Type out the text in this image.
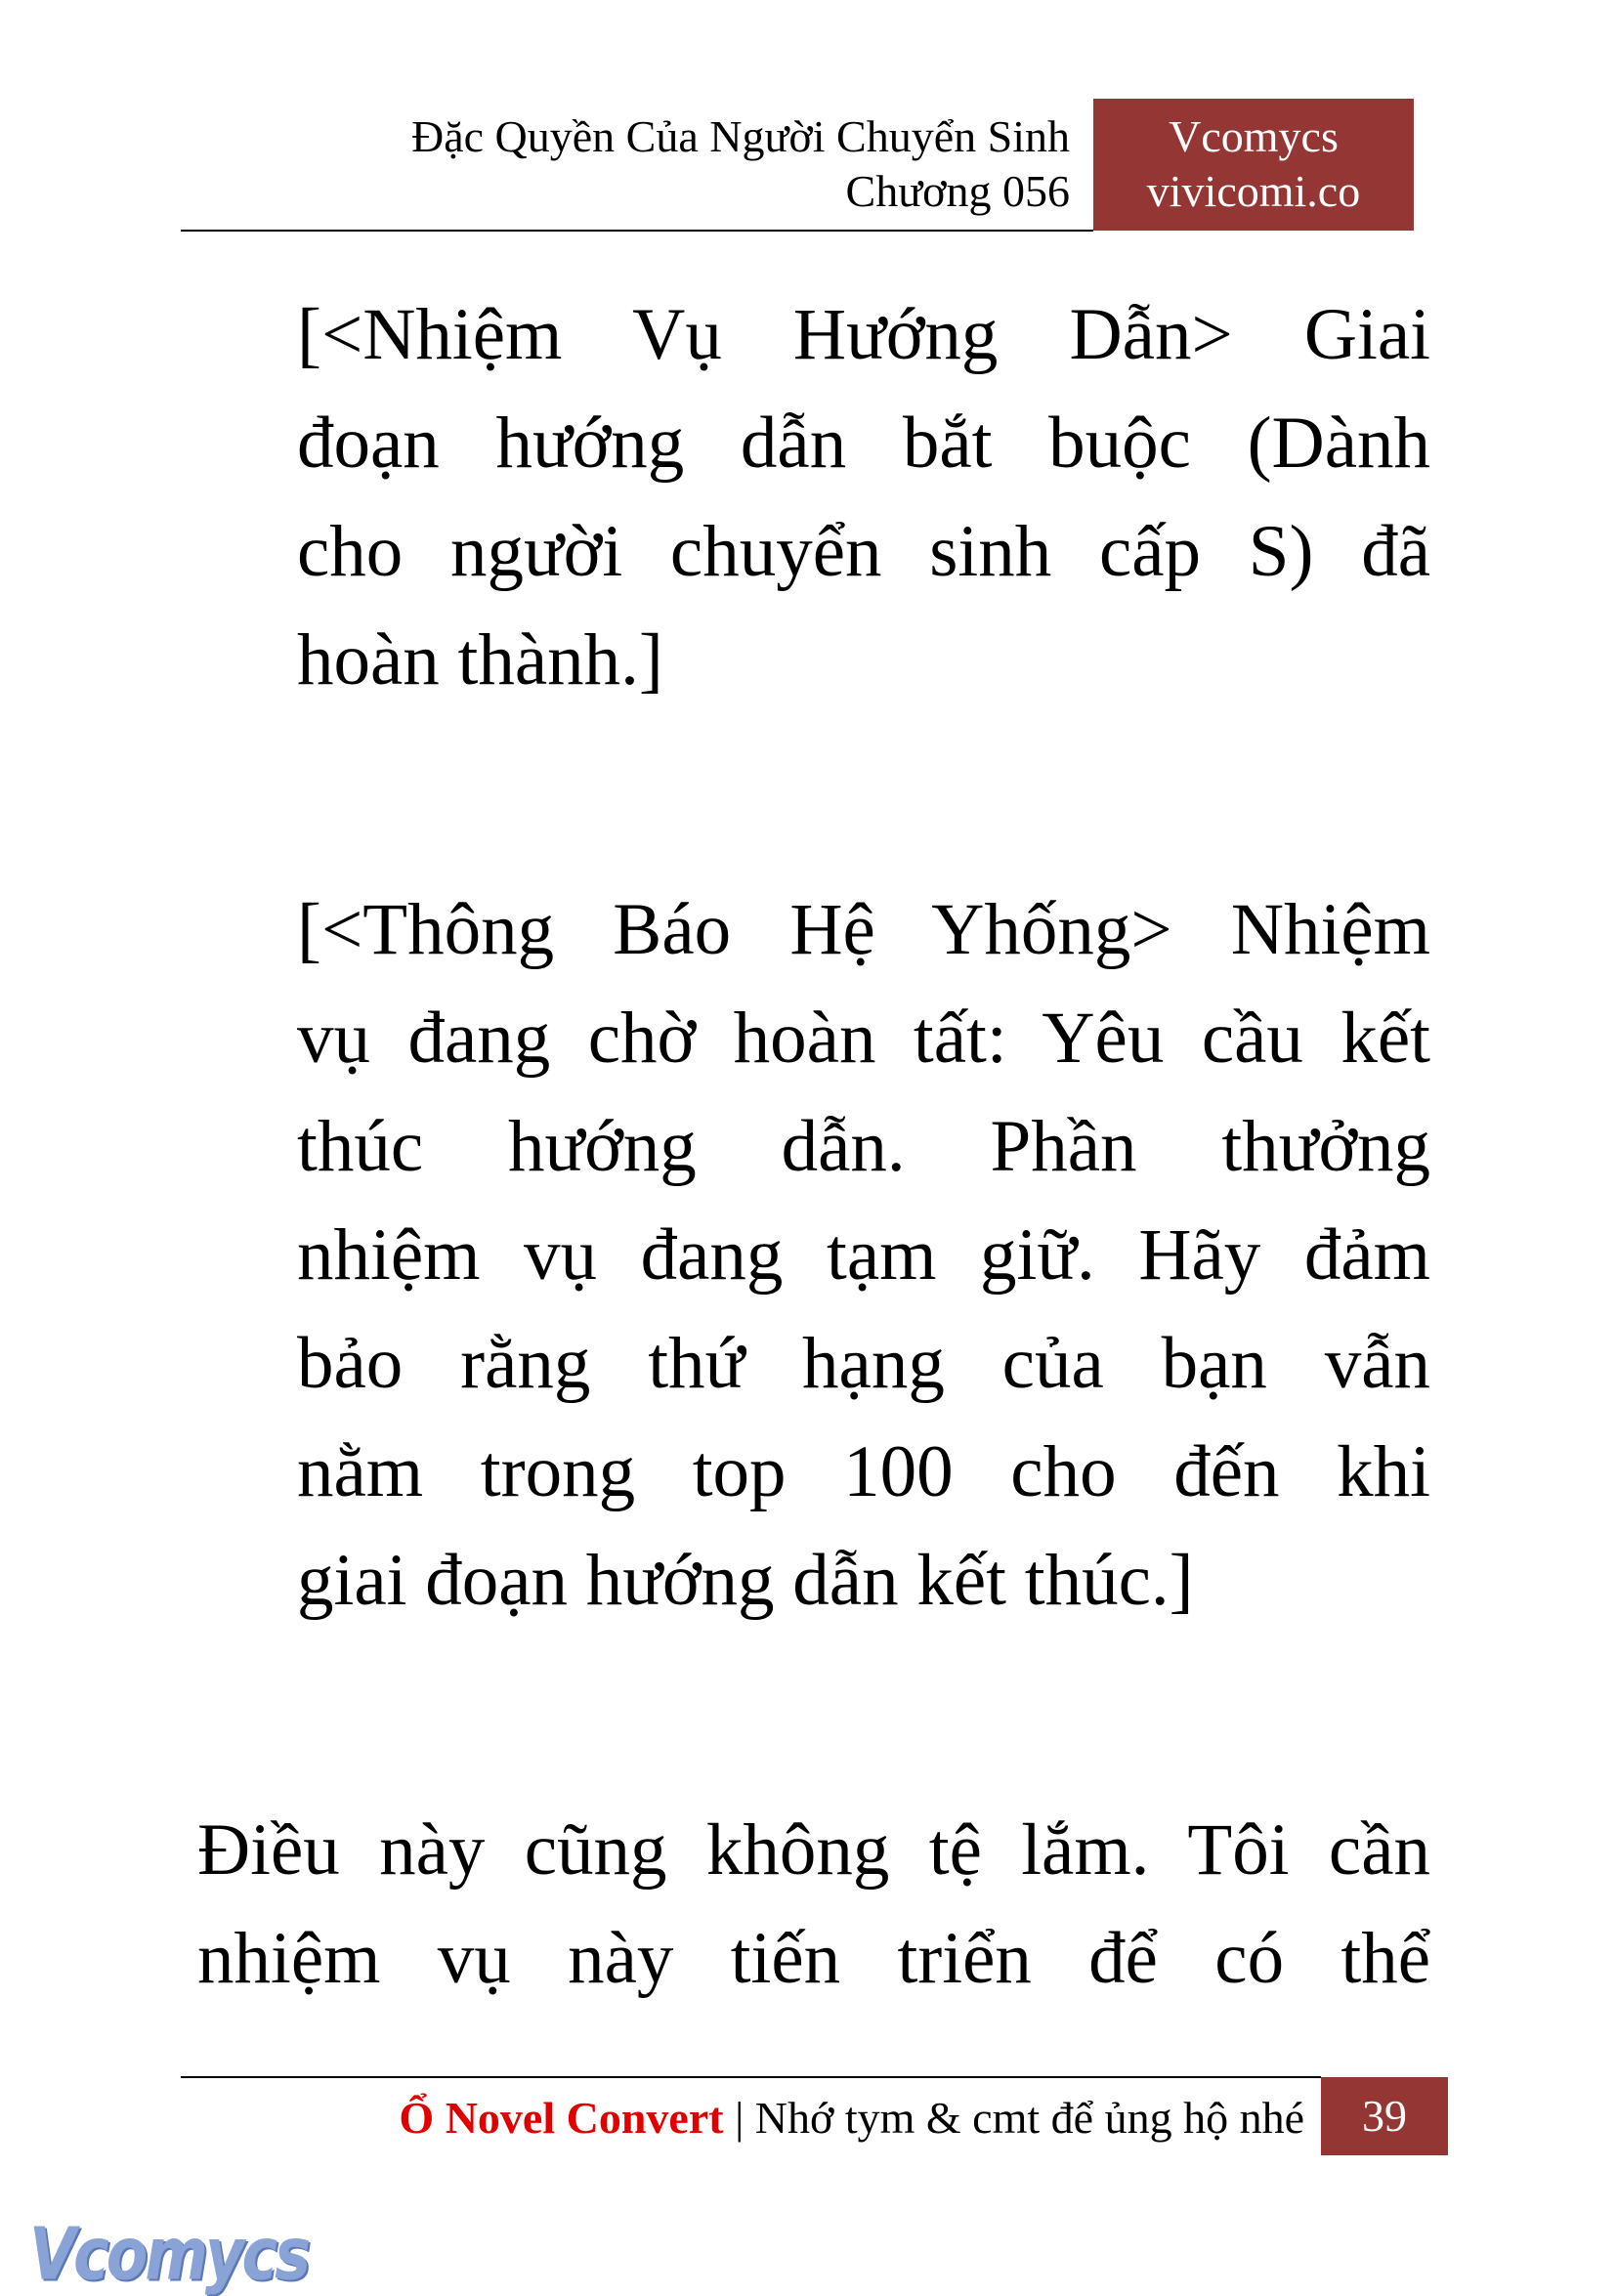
Đặc Quyền Của Người Chuyển Sinh
Chương 056
Vcomycs
vivicomi.co
[<Nhiệm Vụ Hướng Dẫn> Giai
đoạn hướng dẫn bắt buộc (Dành
cho người chuyển sinh cấp S) đã
hoàn thành.]
[<Thông Báo Hệ Yhống> Nhiệm
vụ đang chờ hoàn tất: Yêu cầu kết
thúc hướng dẫn. Phần thưởng
nhiệm vụ đang tạm giữ. Hãy đảm
bảo rằng thứ hạng của bạn vẫn
nằm trong top 100 cho đến khi
giai đoạn hướng dẫn kết thúc.]
Điều này cũng không tệ lắm. Tôi cần
nhiệm vụ này tiến triển để có thể
Ổ Novel Convert | Nhớ tym & cmt để ủng hộ nhé	39
Vcomycs
